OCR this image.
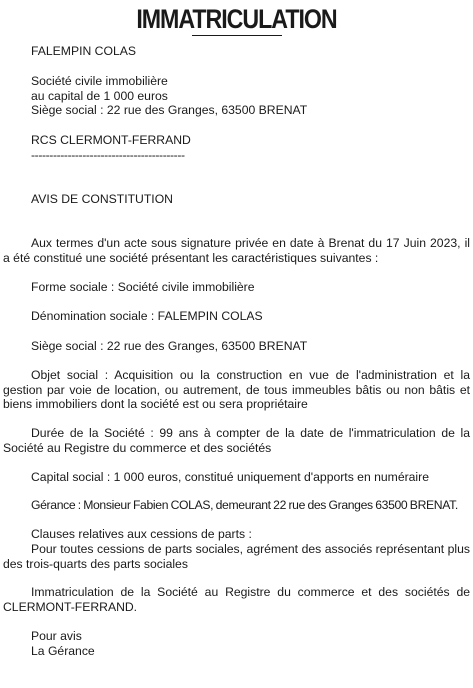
IMMATRICULATION

FALEMPIN COLAS

Société civile immobilière
au capital de 1 000 euros
Siège social : 22 rue des Granges, 63500 BRENAT
RCS CLERMONT-FERRAND
------------------------------------------

AVIS DE CONSTITUTION

Aux termes d'un acte sous signature privée en date à Brenat du 17 Juin 2023, il a été constitué une société présentant les caractéristiques suivantes :

Forme sociale : Société civile immobilière

Dénomination sociale : FALEMPIN COLAS

Siège social : 22 rue des Granges, 63500 BRENAT

Objet social : Acquisition ou la construction en vue de l'administration et la gestion par voie de location, ou autrement, de tous immeubles bâtis ou non bâtis et biens immobiliers dont la société est ou sera propriétaire

Durée de la Société : 99 ans à compter de la date de l'immatriculation de la Société au Registre du commerce et des sociétés

Capital social : 1 000 euros, constitué uniquement d'apports en numéraire

Gérance : Monsieur Fabien COLAS, demeurant 22 rue des Granges 63500 BRENAT.

Clauses relatives aux cessions de parts :

Pour toutes cessions de parts sociales, agrément des associés représentant plus des trois-quarts des parts sociales

Immatriculation de la Société au Registre du commerce et des sociétés de CLERMONT-FERRAND.

Pour avis
La Gérance
